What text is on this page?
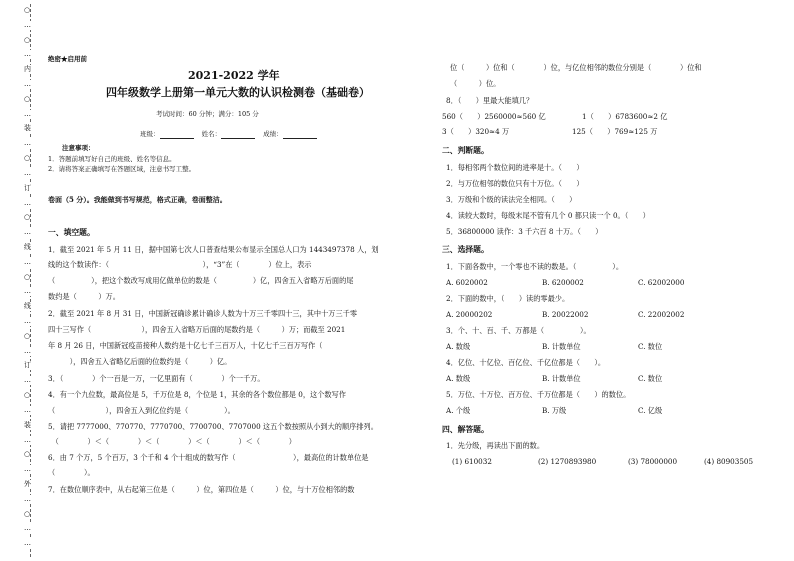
○
…
○
…
内
…
○
…
装
…
○
…
订
…
○
…
线
…
○
…
线
…
○
…
订
…
○
…
装
…
○
…
外
…
○
…
…
绝密★启用前
2021-2022 学年
四年级数学上册第一单元大数的认识检测卷（基础卷）
考试时间：60 分钟；满分：105 分
班级：	姓名：	成绩：
注意事项：
1．答题前填写好自己的班级、姓名等信息。
2．请将答案正确填写在答题区域，注意书写工整。
卷面（5 分）。我能做到书写规范，格式正确，卷面整洁。
一、填空题。
1．截至 2021 年 5 月 11 日，据中国第七次人口普查结果公布显示全国总人口为 1443497378 人，划
线的这个数读作：（　　　　　　　　　　　　　），“3”在（　　　　）位上，表示
（　　　　　），把这个数改写成用亿做单位的数是（　　　　　）亿，四舍五入省略万后面的尾
数约是（　　　）万。
2．截至 2021 年 8 月 31 日，中国新冠确诊累计确诊人数为十万三千零四十三，其中十万三千零
四十三写作（　　　　　　　），四舍五入省略万后面的尾数约是（　　　）万；而截至 2021
年 8 月 26 日，中国新冠疫苗接种人数约是十亿七千三百万人，十亿七千三百万写作（　　　
　　　），四舍五入省略亿后面的位数约是（　　　）亿。
3．（　　　　）个一百是一万，一亿里面有（　　　　）个一千万。
4．有一个九位数，最高位是 5，千万位是 8，个位是 1，其余的各个数位都是 0，这个数写作
（　　　　　　　），四舍五入到亿位约是（　　　　　）。
5．请把 7777000、770770、7770700、7700700、7707000 这五个数按照从小到大的顺序排列。
　（　　　　）＜（　　　　）＜（　　　　）＜（　　　　）＜（　　　　）
6．由 7 个万，5 个百万，3 个千和 4 个十组成的数写作（　　　　　　　　），最高位的计数单位是
（　　　　）。
7．在数位顺序表中，从右起第三位是（　　　）位，第四位是（　　　）位，与十万位相邻的数
位（　　　）位和（　　　　）位，与亿位相邻的数位分别是（　　　　）位和
（　　　）位。
8．（　　）里最大能填几？
560（　　）2560000≈560 亿	1（　　）6783600≈2 亿
3（　　）320≈4 万	125（　　）769≈125 万
二、判断题。
1．每相邻两个数位间的进率是十。（　　）
2．与万位相邻的数位只有十万位。（　　）
3．万级和个级的读法完全相同。（　　）
4．读较大数时，每级末尾不管有几个 0 都只读一个 0。（　　）
5．36800000 读作：3 千六百 8 十万。（　　）
三、选择题。
1．下面各数中，一个零也不读的数是。（　　　　　）。
A. 6020002	B. 6200002	C. 62002000
2．下面的数中，（　　）读的零最少。
A. 20000202	B. 20022002	C. 22002002
3．个、十、百、千、万都是（　　　　　）。
A. 数级	B. 计数单位	C. 数位
4．亿位、十亿位、百亿位、千亿位都是（　　）。
A. 数级	B. 计数单位	C. 数位
5．万位、十万位、百万位、千万位都是（　　）的数位。
A. 个级	B. 万级	C. 亿级
四、解答题。
1．先分级，再读出下面的数。
(1) 610032	(2) 1270893980	(3) 78000000	(4) 80903505
